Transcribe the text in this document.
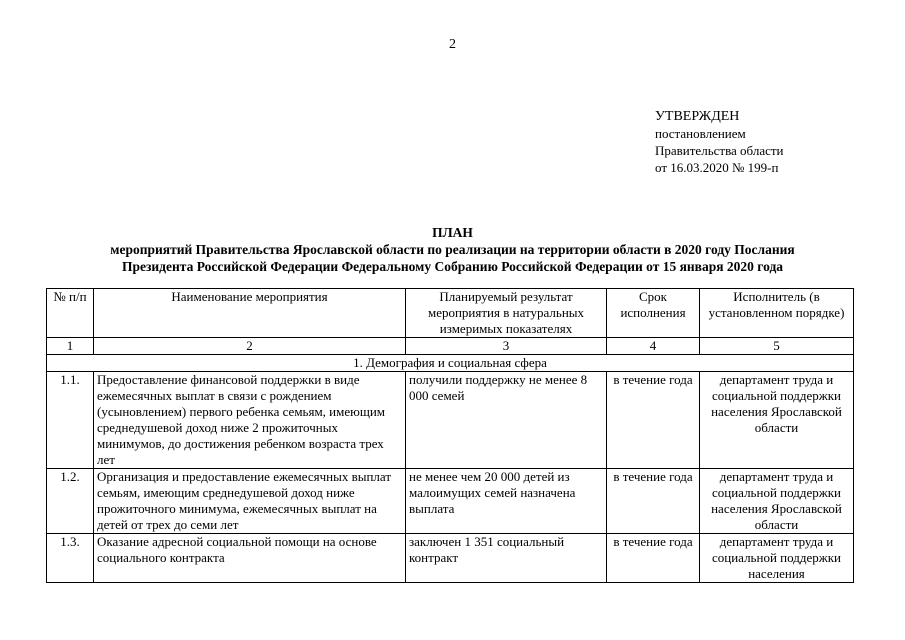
2
УТВЕРЖДЕН
постановлением
Правительства области
от 16.03.2020 № 199-п
ПЛАН
мероприятий Правительства Ярославской области по реализации на территории области в 2020 году Послания
Президента Российской Федерации Федеральному Собранию Российской Федерации от 15 января 2020 года
№ п/п	Наименование мероприятия	Планируемый результат мероприятия в натуральных измеримых показателях	Срок исполнения	Исполнитель (в установленном порядке)
1	2	3	4	5
1. Демография и социальная сфера				
1.1.	Предоставление финансовой поддержки в виде ежемесячных выплат в связи с рождением (усыновлением) первого ребенка семьям, имеющим среднедушевой доход ниже 2 прожиточных минимумов, до достижения ребенком возраста трех лет	получили поддержку не менее 8 000 семей	в течение года	департамент труда и социальной поддержки населения Ярославской области
1.2.	Организация и предоставление ежемесячных выплат семьям, имеющим среднедушевой доход ниже прожиточного минимума, ежемесячных выплат на детей от трех до семи лет	не менее чем 20 000 детей из малоимущих семей назначена выплата	в течение года	департамент труда и социальной поддержки населения Ярославской области
1.3.	Оказание адресной социальной помощи на основе социального контракта	заключен 1 351 социальный контракт	в течение года	департамент труда и социальной поддержки населения
